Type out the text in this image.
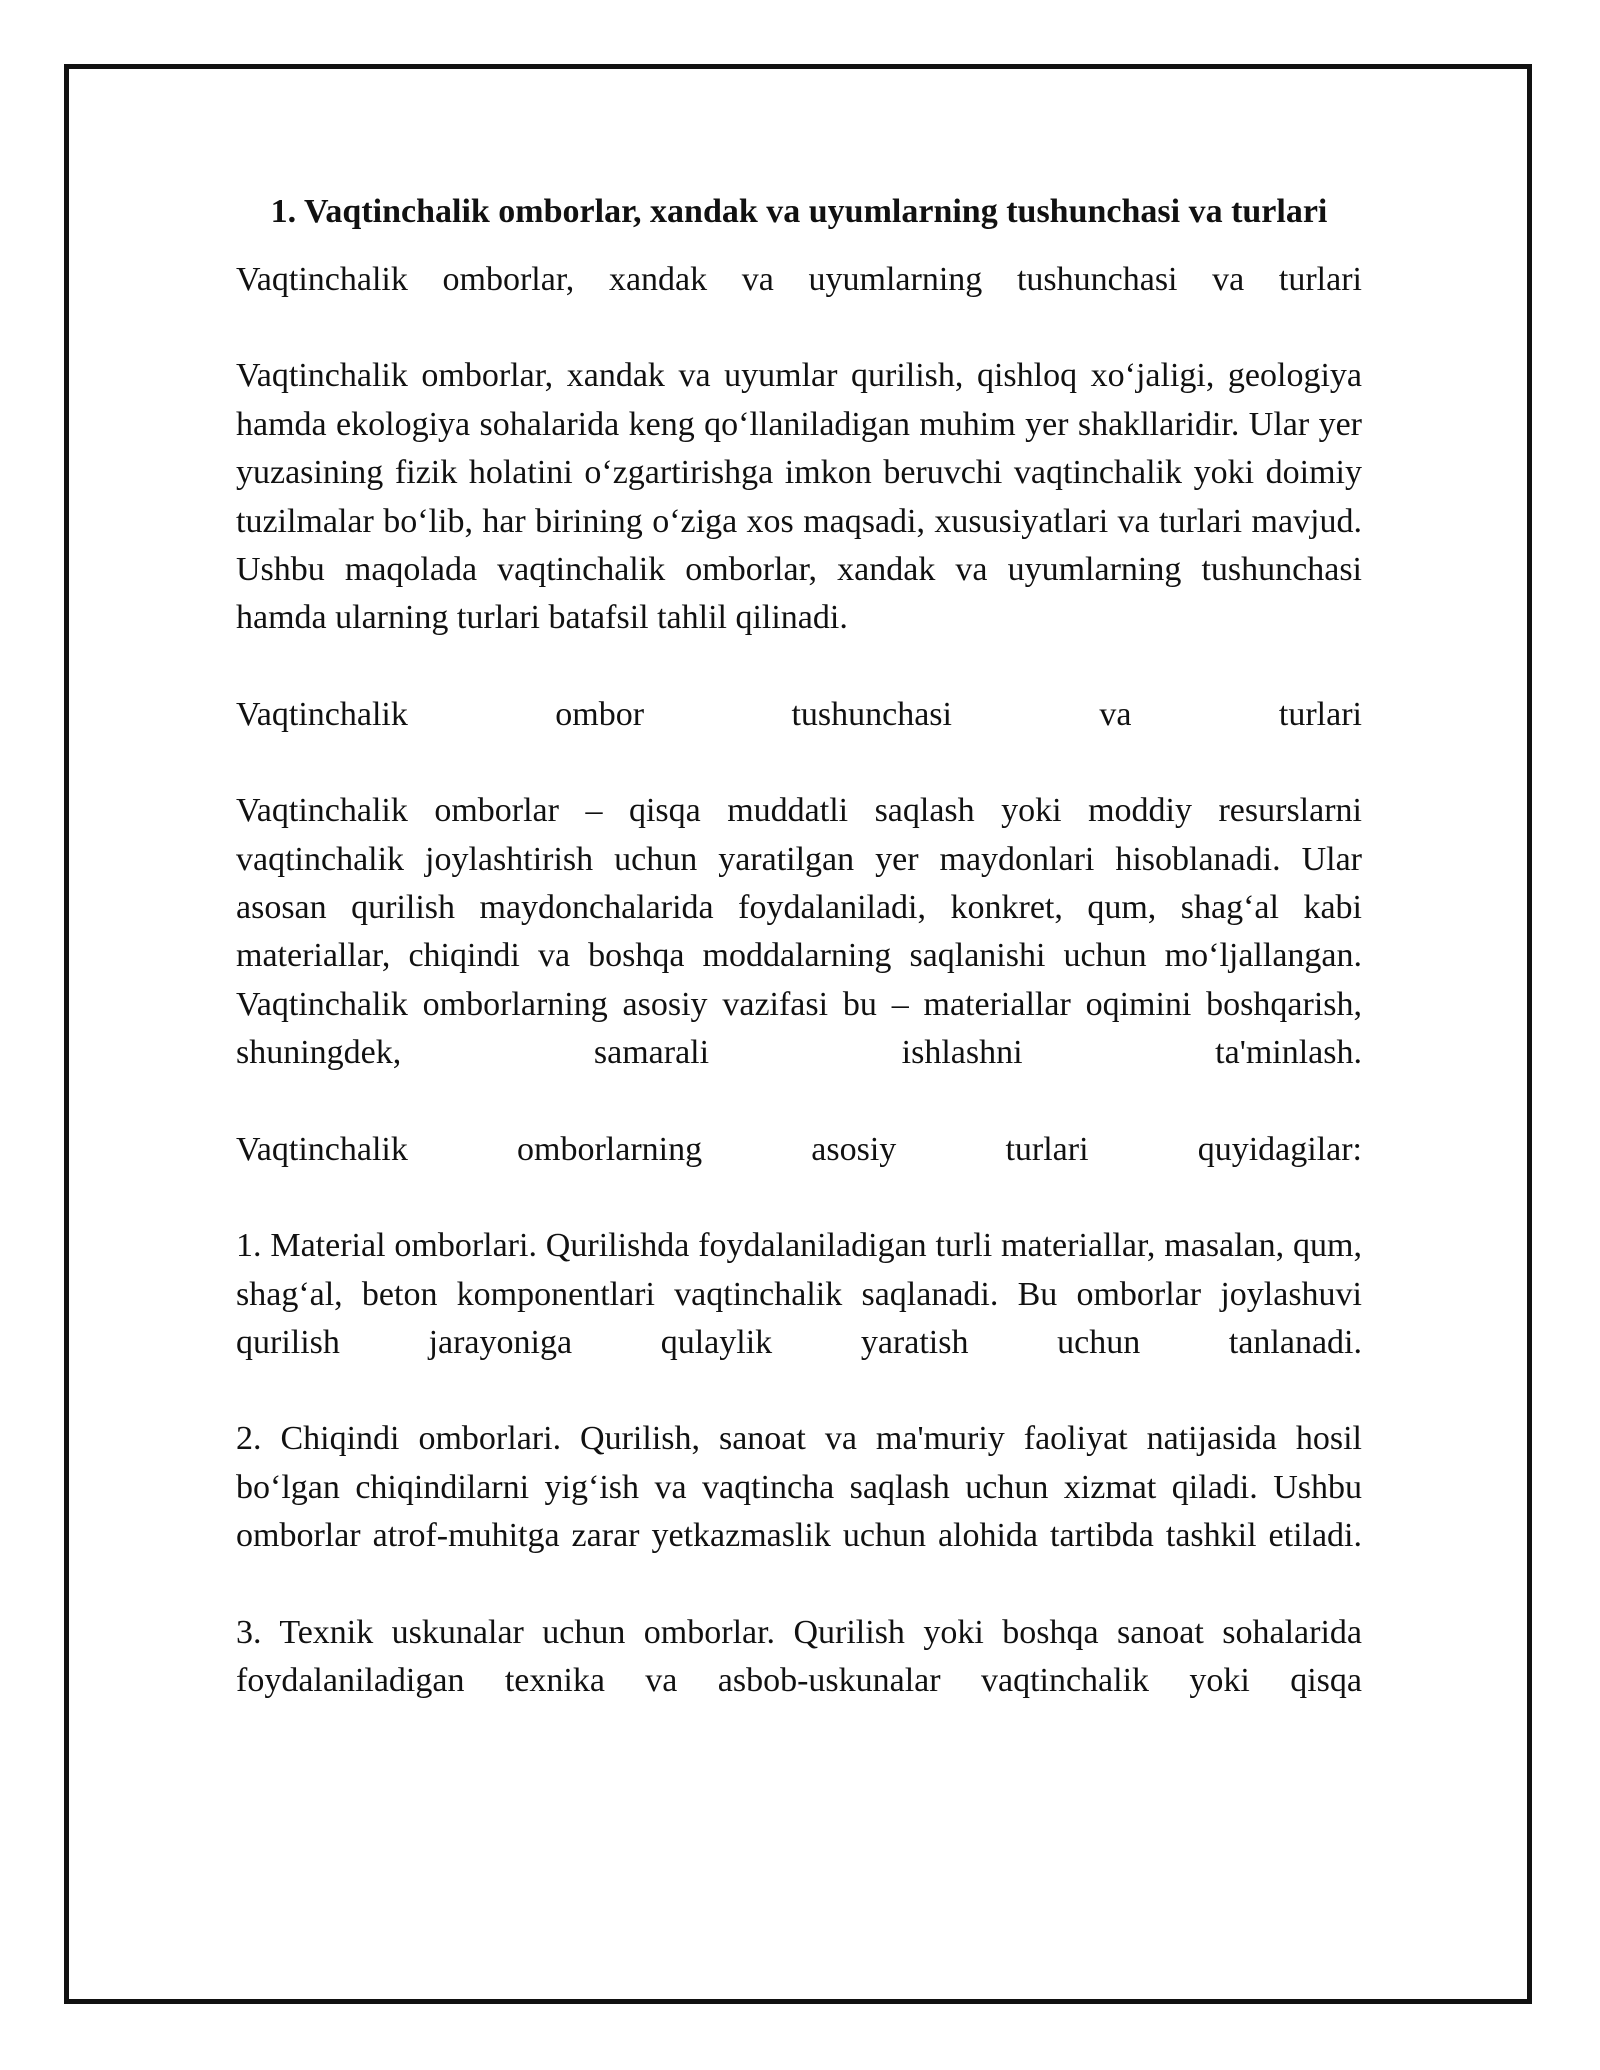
1. Vaqtinchalik omborlar, xandak va uyumlarning tushunchasi va turlari

Vaqtinchalik omborlar, xandak va uyumlarning tushunchasi va turlari

Vaqtinchalik omborlar, xandak va uyumlar qurilish, qishloq xo‘jaligi, geologiya hamda ekologiya sohalarida keng qo‘llaniladigan muhim yer shakllaridir. Ular yer yuzasining fizik holatini o‘zgartirishga imkon beruvchi vaqtinchalik yoki doimiy tuzilmalar bo‘lib, har birining o‘ziga xos maqsadi, xususiyatlari va turlari mavjud. Ushbu maqolada vaqtinchalik omborlar, xandak va uyumlarning tushunchasi hamda ularning turlari batafsil tahlil qilinadi.

Vaqtinchalik ombor tushunchasi va turlari

Vaqtinchalik omborlar – qisqa muddatli saqlash yoki moddiy resurslarni vaqtinchalik joylashtirish uchun yaratilgan yer maydonlari hisoblanadi. Ular asosan qurilish maydonchalarida foydalaniladi, konkret, qum, shag‘al kabi materiallar, chiqindi va boshqa moddalarning saqlanishi uchun mo‘ljallangan. Vaqtinchalik omborlarning asosiy vazifasi bu – materiallar oqimini boshqarish, shuningdek, samarali ishlashni ta'minlash.

Vaqtinchalik omborlarning asosiy turlari quyidagilar:

1. Material omborlari. Qurilishda foydalaniladigan turli materiallar, masalan, qum, shag‘al, beton komponentlari vaqtinchalik saqlanadi. Bu omborlar joylashuvi qurilish jarayoniga qulaylik yaratish uchun tanlanadi.

2. Chiqindi omborlari. Qurilish, sanoat va ma'muriy faoliyat natijasida hosil bo‘lgan chiqindilarni yig‘ish va vaqtincha saqlash uchun xizmat qiladi. Ushbu omborlar atrof-muhitga zarar yetkazmaslik uchun alohida tartibda tashkil etiladi.

3. Texnik uskunalar uchun omborlar. Qurilish yoki boshqa sanoat sohalarida foydalaniladigan texnika va asbob-uskunalar vaqtinchalik yoki qisqa
